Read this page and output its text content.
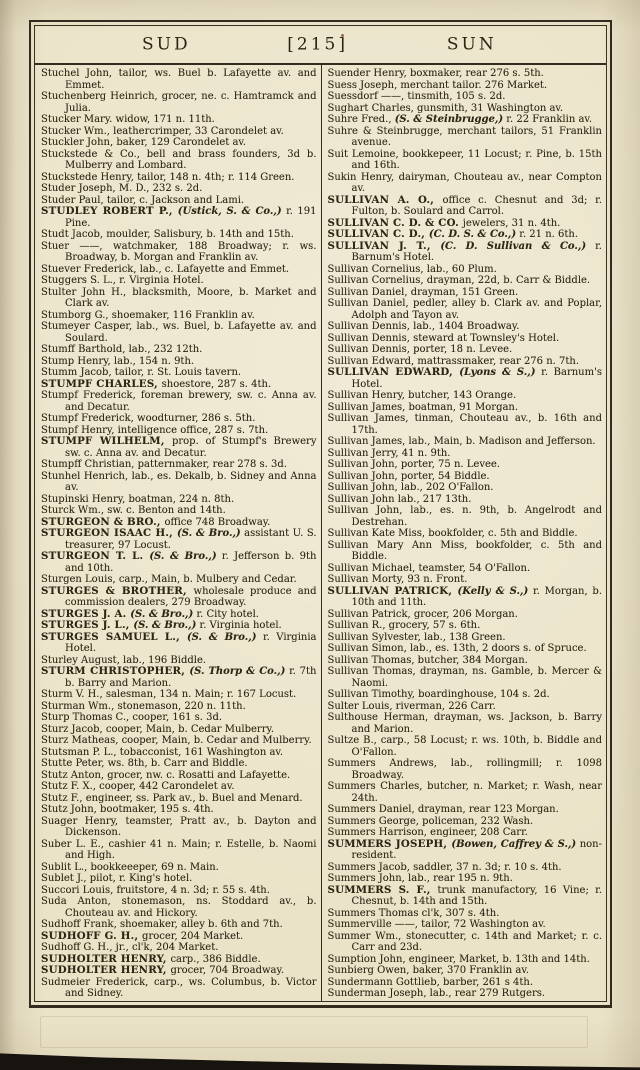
SUD	[215]	SUN

Stuchel John, tailor, ws. Buel b. Lafayette av. and Emmet.

Stuchenberg Heinrich, grocer, ne. c. Hamtramck and Julia.

Stucker Mary. widow, 171 n. 11th.

Stucker Wm., leathercrimper, 33 Carondelet av.

Stuckler John, baker, 129 Carondelet av.

Stuckstede & Co., bell and brass founders, 3d b. Mulberry and Lombard.

Stuckstede Henry, tailor, 148 n. 4th; r. 114 Green.

Studer Joseph, M. D., 232 s. 2d.

Studer Paul, tailor, c. Jackson and Lami.

STUDLEY ROBERT P., (Ustick, S. & Co.,) r. 191 Pine.

Studt Jacob, moulder, Salisbury, b. 14th and 15th.

Stuer ——, watchmaker, 188 Broadway; r. ws. Broadway, b. Morgan and Franklin av.

Stuever Frederick, lab., c. Lafayette and Emmet.

Stuggers S. L., r. Virginia Hotel.

Stulter John H., blacksmith, Moore, b. Market and Clark av.

Stumborg G., shoemaker, 116 Franklin av.

Stumeyer Casper, lab., ws. Buel, b. Lafayette av. and Soulard.

Stumff Barthold, lab., 232 12th.

Stump Henry, lab., 154 n. 9th.

Stumm Jacob, tailor, r. St. Louis tavern.

STUMPF CHARLES, shoestore, 287 s. 4th.

Stumpf Frederick, foreman brewery, sw. c. Anna av. and Decatur.

Stumpf Frederick, woodturner, 286 s. 5th.

Stumpf Henry, intelligence office, 287 s. 7th.

STUMPF WILHELM, prop. of Stumpf's Brewery sw. c. Anna av. and Decatur.

Stumpff Christian, patternmaker, rear 278 s. 3d.

Stunhel Henrich, lab., es. Dekalb, b. Sidney and Anna av.

Stupinski Henry, boatman, 224 n. 8th.

Sturck Wm., sw. c. Benton and 14th.

STURGEON & BRO., office 748 Broadway.

STURGEON ISAAC H., (S. & Bro.,) assistant U. S. treasurer, 97 Locust.

STURGEON T. L. (S. & Bro.,) r. Jefferson b. 9th and 10th.

Sturgen Louis, carp., Main, b. Mulbery and Cedar.

STURGES & BROTHER, wholesale produce and commission dealers, 279 Broadway.

STURGES J. A. (S. & Bro.,) r. City hotel.

STURGES J. L., (S. & Bro.,) r. Virginia hotel.

STURGES SAMUEL L., (S. & Bro.,) r. Virginia Hotel.

Sturley August, lab., 196 Biddle.

STURM CHRISTOPHER, (S. Thorp & Co.,) r. 7th b. Barry and Marion.

Sturm V. H., salesman, 134 n. Main; r. 167 Locust.

Sturman Wm., stonemason, 220 n. 11th.

Sturp Thomas C., cooper, 161 s. 3d.

Sturz Jacob, cooper, Main, b. Cedar Mulberry.

Sturz Matheas, cooper, Main, b. Cedar and Mulberry.

Stutsman P. L., tobacconist, 161 Washington av.

Stutte Peter, ws. 8th, b. Carr and Biddle.

Stutz Anton, grocer, nw. c. Rosatti and Lafayette.

Stutz F. X., cooper, 442 Carondelet av.

Stutz F., engineer, ss. Park av., b. Buel and Menard.

Stutz John, bootmaker, 195 s. 4th.

Suager Henry, teamster, Pratt av., b. Dayton and Dickenson.

Suber L. E., cashier 41 n. Main; r. Estelle, b. Naomi and High.

Sublit L., bookkeeeper, 69 n. Main.

Sublet J., pilot, r. King's hotel.

Succori Louis, fruitstore, 4 n. 3d; r. 55 s. 4th.

Suda Anton, stonemason, ns. Stoddard av., b. Chouteau av. and Hickory.

Sudhoff Frank, shoemaker, alley b. 6th and 7th.

SUDHOFF G. H., grocer, 204 Market.

Sudhoff G. H., jr., cl'k, 204 Market.

SUDHOLTER HENRY, carp., 386 Biddle.

SUDHOLTER HENRY, grocer, 704 Broadway.

Sudmeier Frederick, carp., ws. Columbus, b. Victor and Sidney.

Suender Henry, boxmaker, rear 276 s. 5th.

Suess Joseph, merchant tailor. 276 Market.

Suessdorf ——, tinsmith, 105 s. 2d.

Sughart Charles, gunsmith, 31 Washington av.

Suhre Fred., (S. & Steinbrugge,) r. 22 Franklin av.

Suhre & Steinbrugge, merchant tailors, 51 Franklin avenue.

Suit Lemoine, bookkepeer, 11 Locust; r. Pine, b. 15th and 16th.

Sukin Henry, dairyman, Chouteau av., near Compton av.

SULLIVAN A. O., office c. Chesnut and 3d; r. Fulton, b. Soulard and Carrol.

SULLIVAN C. D. & CO. jewelers, 31 n. 4th.

SULLIVAN C. D., (C. D. S. & Co.,) r. 21 n. 6th.

SULLIVAN J. T., (C. D. Sullivan & Co.,) r. Barnum's Hotel.

Sullivan Cornelius, lab., 60 Plum.

Sullivan Cornelius, drayman, 22d, b. Carr & Biddle.

Sullivan Daniel, drayman, 151 Green.

Sullivan Daniel, pedler, alley b. Clark av. and Poplar, Adolph and Tayon av.

Sullivan Dennis, lab., 1404 Broadway.

Sullivan Dennis, steward at Townsley's Hotel.

Sullivan Dennis, porter, 18 n. Levee.

Sullivan Edward, mattrassmaker, rear 276 n. 7th.

SULLIVAN EDWARD, (Lyons & S.,) r. Barnum's Hotel.

Sullivan Henry, butcher, 143 Orange.

Sullivan James, boatman, 91 Morgan.

Sullivan James, tinman, Chouteau av., b. 16th and 17th.

Sullivan James, lab., Main, b. Madison and Jefferson.

Sullivan Jerry, 41 n. 9th.

Sullivan John, porter, 75 n. Levee.

Sullivan John, porter, 54 Biddle.

Sullivan John, lab., 202 O'Fallon.

Sullivan John lab., 217 13th.

Sullivan John, lab., es. n. 9th, b. Angelrodt and Destrehan.

Sullivan Kate Miss, bookfolder, c. 5th and Biddle.

Sullivan Mary Ann Miss, bookfolder, c. 5th and Biddle.

Sullivan Michael, teamster, 54 O'Fallon.

Sullivan Morty, 93 n. Front.

SULLIVAN PATRICK, (Kelly & S.,) r. Morgan, b. 10th and 11th.

Sullivan Patrick, grocer, 206 Morgan.

Sullivan R., grocery, 57 s. 6th.

Sullivan Sylvester, lab., 138 Green.

Sullivan Simon, lab., es. 13th, 2 doors s. of Spruce.

Sullivan Thomas, butcher, 384 Morgan.

Sullivan Thomas, drayman, ns. Gamble, b. Mercer & Naomi.

Sullivan Timothy, boardinghouse, 104 s. 2d.

Sulter Louis, riverman, 226 Carr.

Sulthouse Herman, drayman, ws. Jackson, b. Barry and Marion.

Sultze B., carp., 58 Locust; r. ws. 10th, b. Biddle and O'Fallon.

Summers Andrews, lab., rollingmill; r. 1098 Broadway.

Summers Charles, butcher, n. Market; r. Wash, near 24th.

Summers Daniel, drayman, rear 123 Morgan.

Summers George, policeman, 232 Wash.

Summers Harrison, engineer, 208 Carr.

SUMMERS JOSEPH, (Bowen, Caffrey & S.,) non-resident.

Summers Jacob, saddler, 37 n. 3d; r. 10 s. 4th.

Summers John, lab., rear 195 n. 9th.

SUMMERS S. F., trunk manufactory, 16 Vine; r. Chesnut, b. 14th and 15th.

Summers Thomas cl'k, 307 s. 4th.

Summerville ——, tailor, 72 Washington av.

Summer Wm., stonecutter, c. 14th and Market; r. c. Carr and 23d.

Sumption John, engineer, Market, b. 13th and 14th.

Sunbierg Owen, baker, 370 Franklin av.

Sundermann Gottlieb, barber, 261 s 4th.

Sunderman Joseph, lab., rear 279 Rutgers.
